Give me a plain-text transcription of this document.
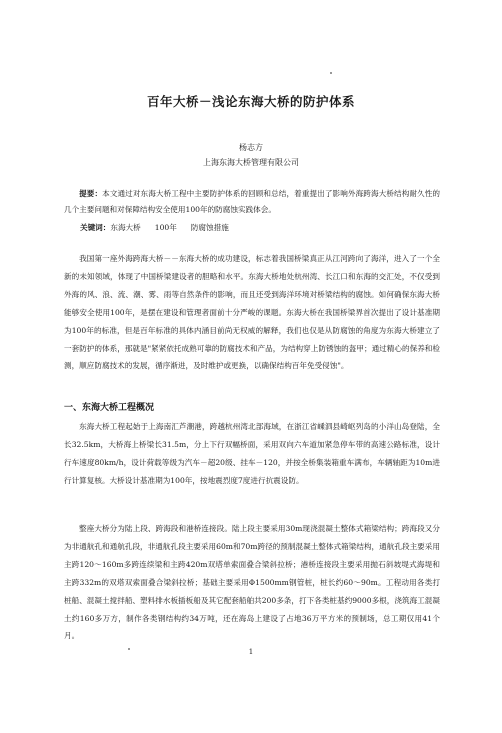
百年大桥－浅论东海大桥的防护体系
杨志方
上海东海大桥管理有限公司
提要：本文通过对东海大桥工程中主要防护体系的回顾和总结，着重提出了影响外海跨海大桥结构耐久性的几个主要问题和对保障结构安全使用100年的防腐蚀实践体会。
关键词：东海大桥 100年 防腐蚀措施
我国第一座外海跨海大桥－－东海大桥的成功建设，标志着我国桥梁真正从江河跨向了海洋，进入了一个全新的未知领域，体现了中国桥梁建设者的胆略和水平。东海大桥地处杭州湾、长江口和东海的交汇处，不仅受到外海的风、浪、流、潮、雾、雨等自然条件的影响，而且还受到海洋环境对桥梁结构的腐蚀。如何确保东海大桥能够安全使用100年，是摆在建设和管理者面前十分严峻的课题。东海大桥在我国桥梁界首次提出了设计基准期为100年的标准，但是百年标准的具体内涵目前尚无权威的解释，我们也仅是从防腐蚀的角度为东海大桥建立了一套防护的体系，那就是"紧紧依托成熟可靠的防腐技术和产品，为结构穿上防锈蚀的盔甲；通过精心的保养和检测，顺应防腐技术的发展，循序渐进，及时维护或更换，以确保结构百年免受侵蚀"。
一、东海大桥工程概况
东海大桥工程起始于上海南汇芦潮港，跨越杭州湾北部海域，在浙江省嵊泗县崎岖列岛的小洋山岛登陆，全长32.5km，大桥海上桥梁长31.5m，分上下行双幅桥面，采用双向六车道加紧急停车带的高速公路标准，设计行车速度80km/h，设计荷载等级为汽车－超20级、挂车－120，并按全桥集装箱重车满布，车辆轴距为10m进行计算复核。大桥设计基准期为100年，按地震烈度7度进行抗震设防。
整座大桥分为陆上段、跨海段和港桥连接段。陆上段主要采用30m现浇混凝土整体式箱梁结构；跨海段又分为非通航孔和通航孔段，非通航孔段主要采用60m和70m跨径的预制混凝土整体式箱梁结构，通航孔段主要采用主跨120～160m多跨连续梁和主跨420m双塔单索面叠合梁斜拉桥；港桥连接段主要采用抛石斜坡堤式海堤和主跨332m的双塔双索面叠合梁斜拉桥；基础主要采用Φ1500mm钢管桩，桩长约60～90m。工程动用各类打桩船、混凝土搅拌船、塑料排水板插板船及其它配套船舶共200多条，打下各类桩基约9000多根，浇筑海工混凝土约160多万方，制作各类钢结构约34万吨，还在海岛上建设了占地36万平方米的预制场，总工期仅用41个月。
1
